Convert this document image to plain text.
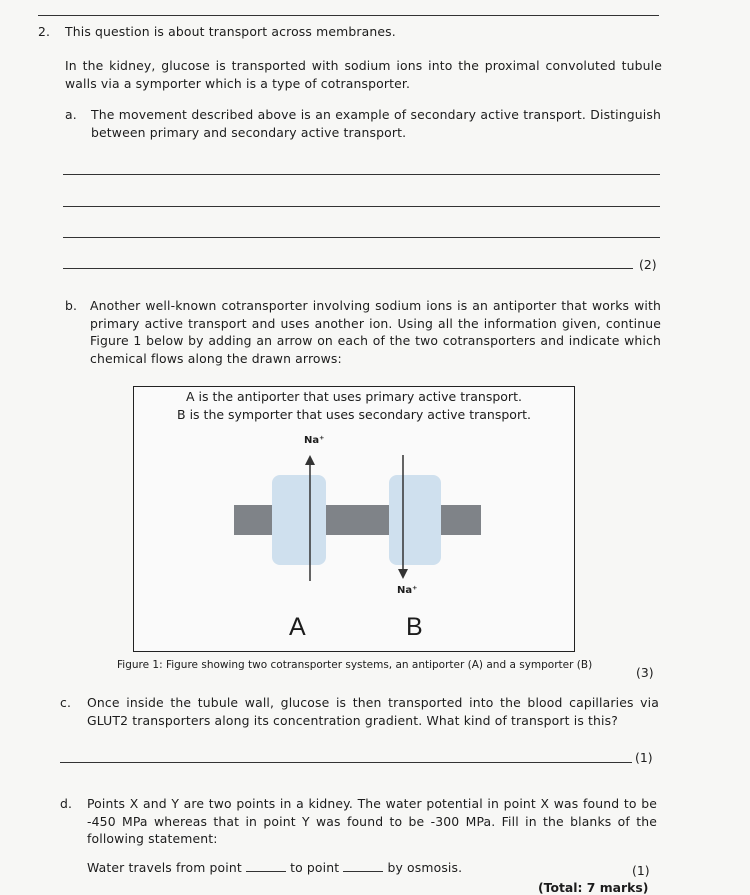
2. This question is about transport across membranes.
In the kidney, glucose is transported with sodium ions into the proximal convoluted tubule walls via a symporter which is a type of cotransporter.
a. The movement described above is an example of secondary active transport. Distinguish between primary and secondary active transport.
(2)
b. Another well-known cotransporter involving sodium ions is an antiporter that works with primary active transport and uses another ion. Using all the information given, continue Figure 1 below by adding an arrow on each of the two cotransporters and indicate which chemical flows along the drawn arrows:
A is the antiporter that uses primary active transport.
B is the symporter that uses secondary active transport.
Na⁺
Na⁺
A	B
Figure 1: Figure showing two cotransporter systems, an antiporter (A) and a symporter (B)	(3)
c. Once inside the tubule wall, glucose is then transported into the blood capillaries via GLUT2 transporters along its concentration gradient. What kind of transport is this?
(1)
d. Points X and Y are two points in a kidney. The water potential in point X was found to be -450 MPa whereas that in point Y was found to be -300 MPa. Fill in the blanks of the following statement:
Water travels from point	to point	by osmosis.	(1)
(Total: 7 marks)
